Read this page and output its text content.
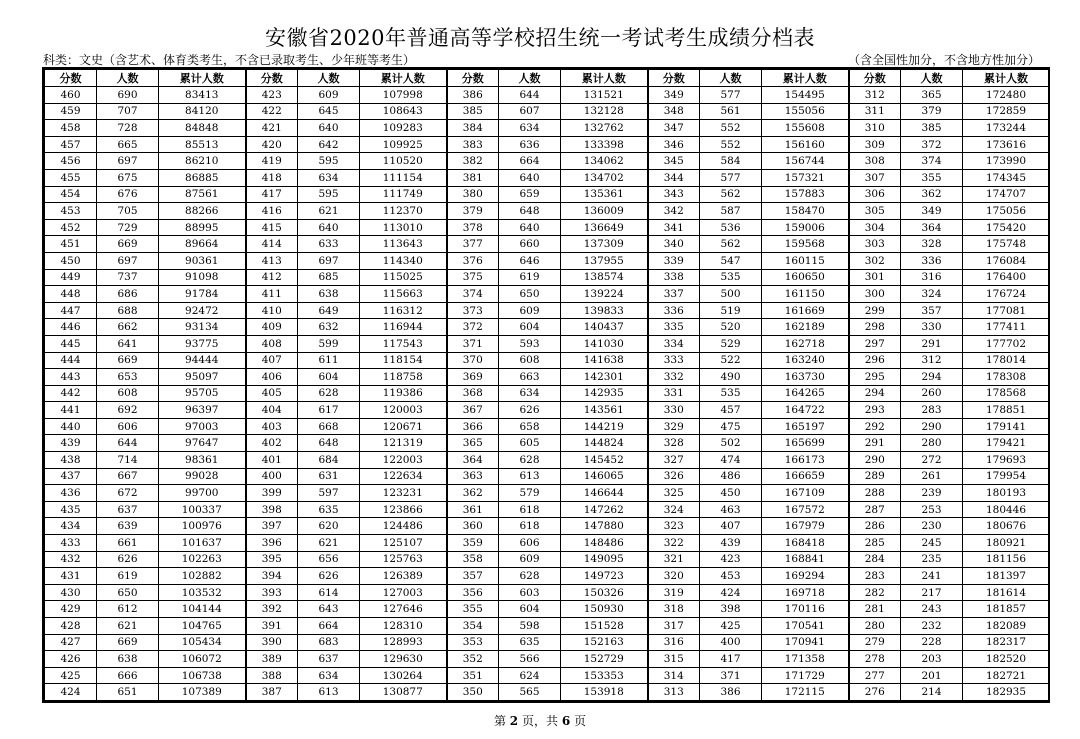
安徽省2020年普通高等学校招生统一考试考生成绩分档表
科类：文史（含艺术、体育类考生，不含已录取考生、少年班等考生）	（含全国性加分，不含地方性加分）
分数	人数	累计人数	分数	人数	累计人数	分数	人数	累计人数	分数	人数	累计人数	分数	人数	累计人数
460	690	83413	423	609	107998	386	644	131521	349	577	154495	312	365	172480
459	707	84120	422	645	108643	385	607	132128	348	561	155056	311	379	172859
458	728	84848	421	640	109283	384	634	132762	347	552	155608	310	385	173244
457	665	85513	420	642	109925	383	636	133398	346	552	156160	309	372	173616
456	697	86210	419	595	110520	382	664	134062	345	584	156744	308	374	173990
455	675	86885	418	634	111154	381	640	134702	344	577	157321	307	355	174345
454	676	87561	417	595	111749	380	659	135361	343	562	157883	306	362	174707
453	705	88266	416	621	112370	379	648	136009	342	587	158470	305	349	175056
452	729	88995	415	640	113010	378	640	136649	341	536	159006	304	364	175420
451	669	89664	414	633	113643	377	660	137309	340	562	159568	303	328	175748
450	697	90361	413	697	114340	376	646	137955	339	547	160115	302	336	176084
449	737	91098	412	685	115025	375	619	138574	338	535	160650	301	316	176400
448	686	91784	411	638	115663	374	650	139224	337	500	161150	300	324	176724
447	688	92472	410	649	116312	373	609	139833	336	519	161669	299	357	177081
446	662	93134	409	632	116944	372	604	140437	335	520	162189	298	330	177411
445	641	93775	408	599	117543	371	593	141030	334	529	162718	297	291	177702
444	669	94444	407	611	118154	370	608	141638	333	522	163240	296	312	178014
443	653	95097	406	604	118758	369	663	142301	332	490	163730	295	294	178308
442	608	95705	405	628	119386	368	634	142935	331	535	164265	294	260	178568
441	692	96397	404	617	120003	367	626	143561	330	457	164722	293	283	178851
440	606	97003	403	668	120671	366	658	144219	329	475	165197	292	290	179141
439	644	97647	402	648	121319	365	605	144824	328	502	165699	291	280	179421
438	714	98361	401	684	122003	364	628	145452	327	474	166173	290	272	179693
437	667	99028	400	631	122634	363	613	146065	326	486	166659	289	261	179954
436	672	99700	399	597	123231	362	579	146644	325	450	167109	288	239	180193
435	637	100337	398	635	123866	361	618	147262	324	463	167572	287	253	180446
434	639	100976	397	620	124486	360	618	147880	323	407	167979	286	230	180676
433	661	101637	396	621	125107	359	606	148486	322	439	168418	285	245	180921
432	626	102263	395	656	125763	358	609	149095	321	423	168841	284	235	181156
431	619	102882	394	626	126389	357	628	149723	320	453	169294	283	241	181397
430	650	103532	393	614	127003	356	603	150326	319	424	169718	282	217	181614
429	612	104144	392	643	127646	355	604	150930	318	398	170116	281	243	181857
428	621	104765	391	664	128310	354	598	151528	317	425	170541	280	232	182089
427	669	105434	390	683	128993	353	635	152163	316	400	170941	279	228	182317
426	638	106072	389	637	129630	352	566	152729	315	417	171358	278	203	182520
425	666	106738	388	634	130264	351	624	153353	314	371	171729	277	201	182721
424	651	107389	387	613	130877	350	565	153918	313	386	172115	276	214	182935
第 2 页，共 6 页
